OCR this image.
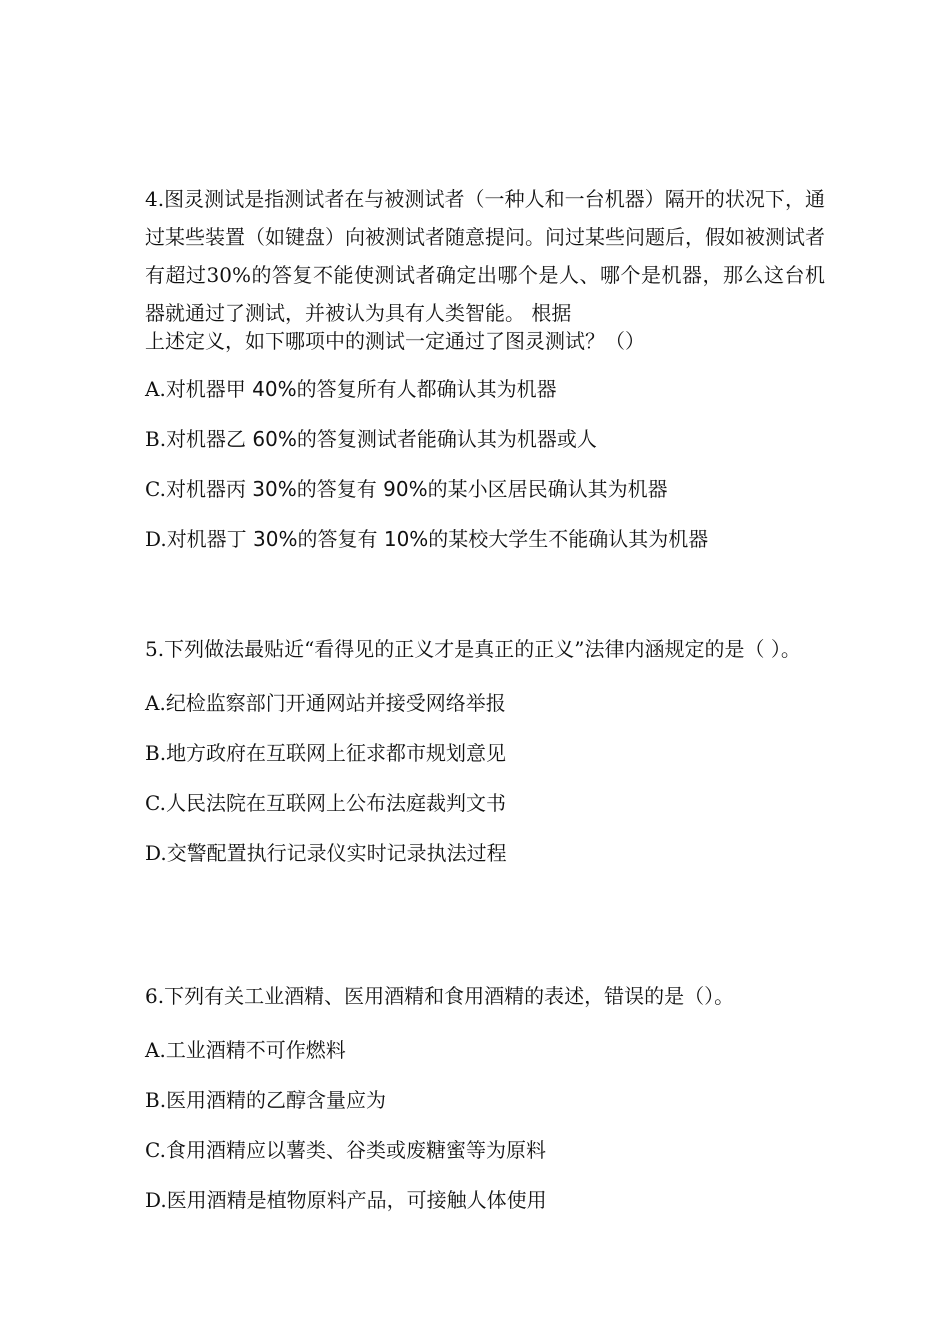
4.图灵测试是指测试者在与被测试者（一种人和一台机器）隔开的状况下，通过某些装置（如键盘）向被测试者随意提问。问过某些问题后，假如被测试者有超过30%的答复不能使测试者确定出哪个是人、哪个是机器，那么这台机器就通过了测试，并被认为具有人类智能。 根据
上述定义，如下哪项中的测试一定通过了图灵测试？（）

A.对机器甲 40%的答复所有人都确认其为机器
B.对机器乙 60%的答复测试者能确认其为机器或人
C.对机器丙 30%的答复有 90%的某小区居民确认其为机器
D.对机器丁 30%的答复有 10%的某校大学生不能确认其为机器

5.下列做法最贴近“看得见的正义才是真正的正义”法律内涵规定的是（ ）。

A.纪检监察部门开通网站并接受网络举报
B.地方政府在互联网上征求都市规划意见
C.人民法院在互联网上公布法庭裁判文书
D.交警配置执行记录仪实时记录执法过程

6.下列有关工业酒精、医用酒精和食用酒精的表述，错误的是（）。

A.工业酒精不可作燃料
B.医用酒精的乙醇含量应为
C.食用酒精应以薯类、谷类或废糖蜜等为原料
D.医用酒精是植物原料产品，可接触人体使用
